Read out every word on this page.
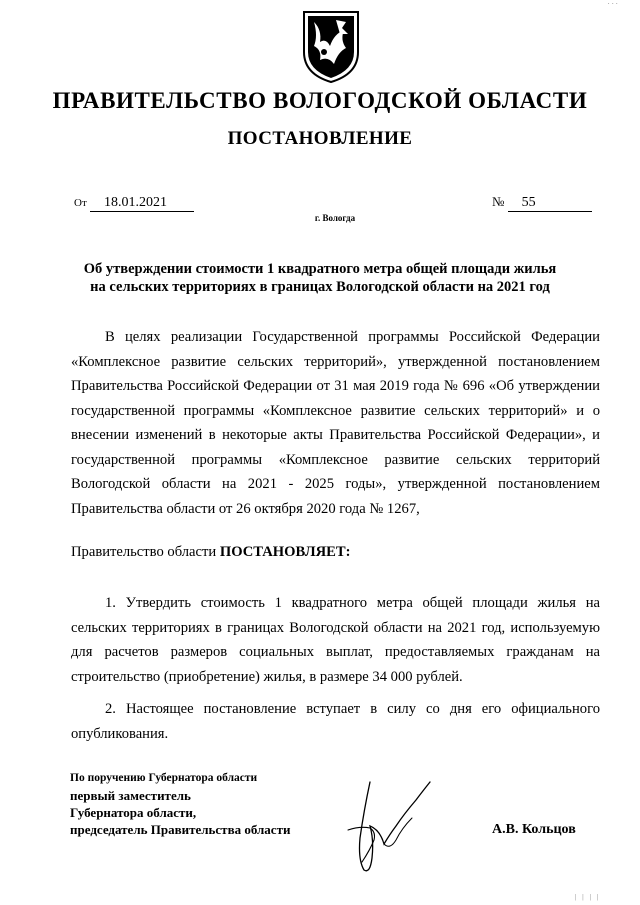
ПРАВИТЕЛЬСТВО ВОЛОГОДСКОЙ ОБЛАСТИ
ПОСТАНОВЛЕНИЕ
От 18.01.2021	№ 55
г. Вологда
Об утверждении стоимости 1 квадратного метра общей площади жилья
на сельских территориях в границах Вологодской области на 2021 год
В целях реализации Государственной программы Российской Федерации «Комплексное развитие сельских территорий», утвержденной постановлением Правительства Российской Федерации от 31 мая 2019 года № 696 «Об утверждении государственной программы «Комплексное развитие сельских территорий» и о внесении изменений в некоторые акты Правительства Российской Федерации», и государственной программы «Комплексное развитие сельских территорий Вологодской области на 2021 - 2025 годы», утвержденной постановлением Правительства области от 26 октября 2020 года № 1267,
Правительство области ПОСТАНОВЛЯЕТ:
1. Утвердить стоимость 1 квадратного метра общей площади жилья на сельских территориях в границах Вологодской области на 2021 год, используемую для расчетов размеров социальных выплат, предоставляемых гражданам на строительство (приобретение) жилья, в размере 34 000 рублей.
2. Настоящее постановление вступает в силу со дня его официального опубликования.
По поручению Губернатора области
первый заместитель
Губернатора области,
председатель Правительства области	А.В. Кольцов
· · ·
| | | |
